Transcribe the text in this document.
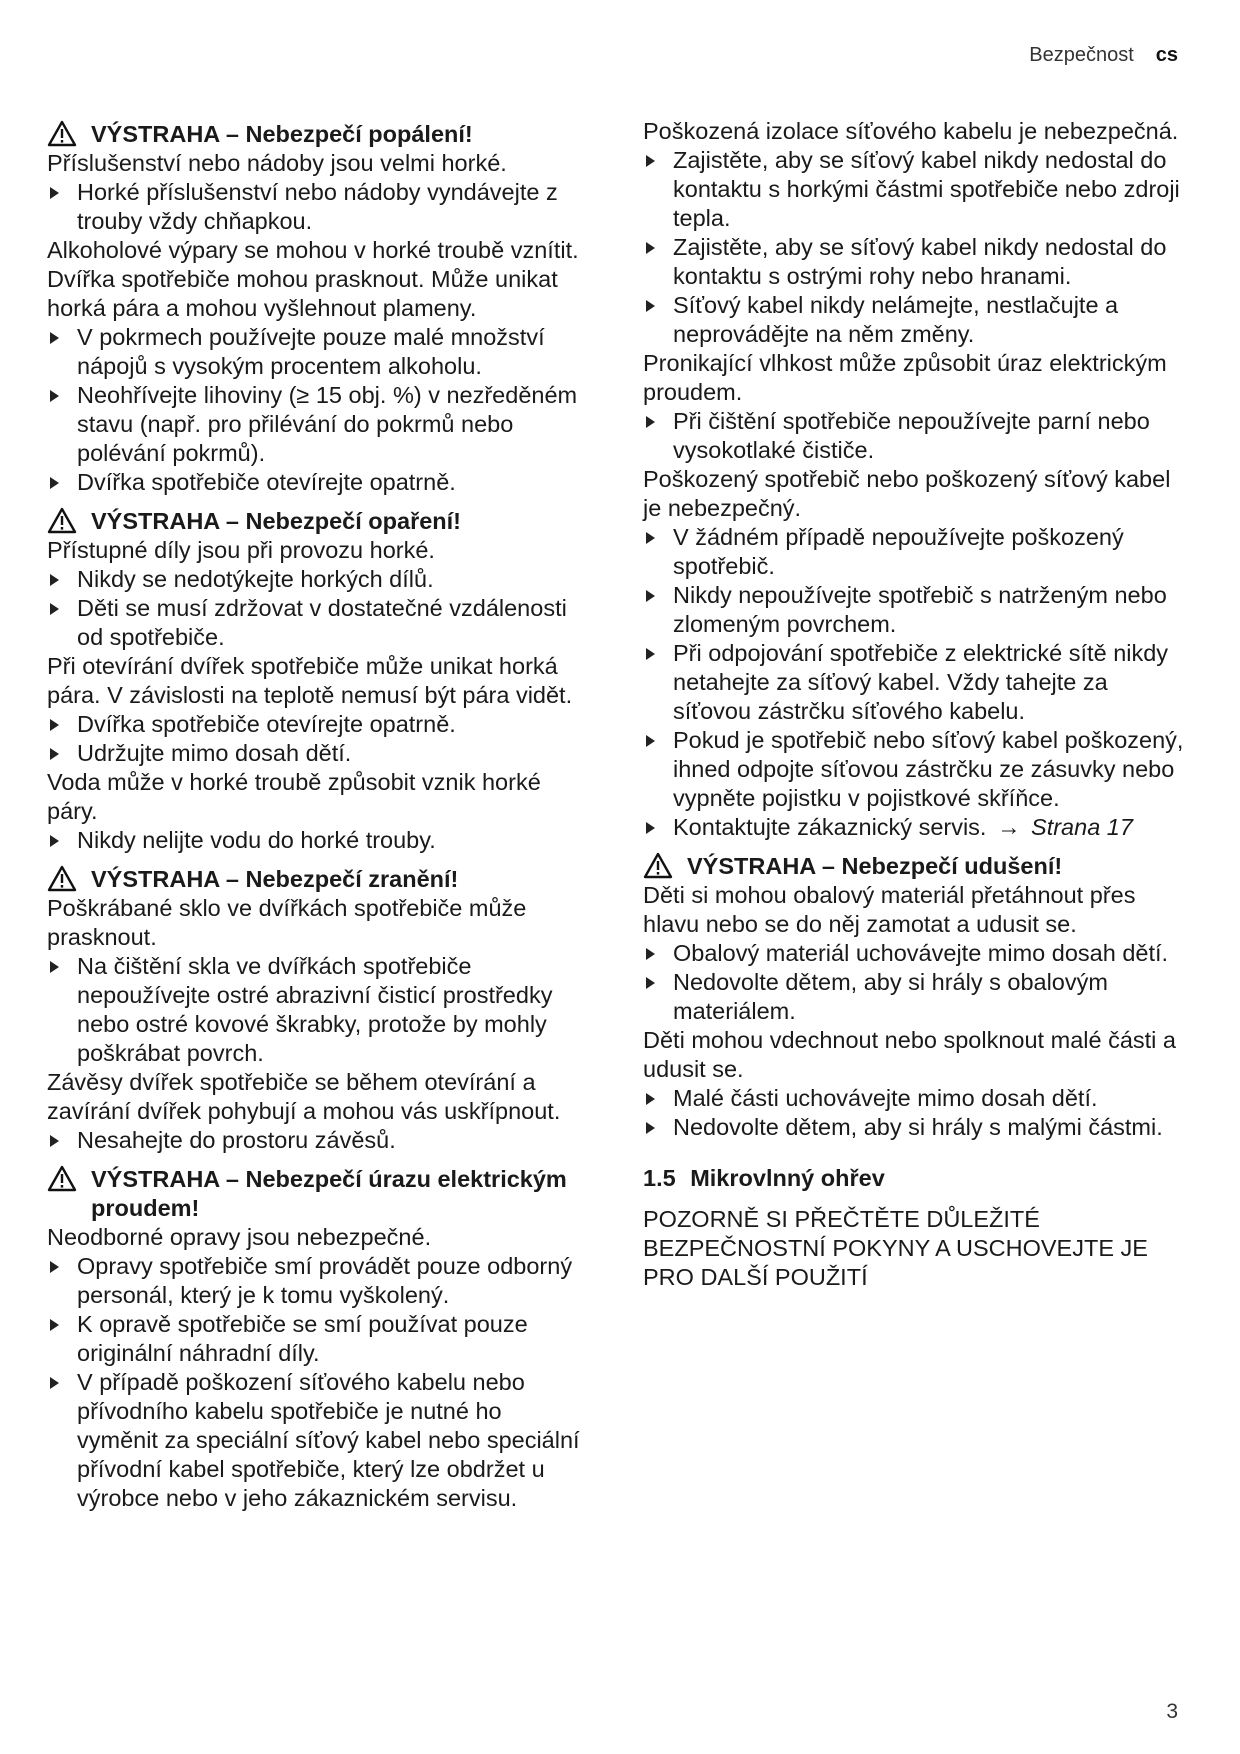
Bezpečnost cs

VÝSTRAHA – Nebezpečí popálení!

Příslušenství nebo nádoby jsou velmi horké.

Horké příslušenství nebo nádoby vyndávejte z trouby vždy chňapkou.

Alkoholové výpary se mohou v horké troubě vznítit. Dvířka spotřebiče mohou prasknout. Může unikat horká pára a mohou vyšlehnout plameny.

V pokrmech používejte pouze malé množství nápojů s vysokým procentem alkoholu.

Neohřívejte lihoviny (≥ 15 obj. %) v nezředěném stavu (např. pro přilévání do pokrmů nebo polévání pokrmů).

Dvířka spotřebiče otevírejte opatrně.

VÝSTRAHA – Nebezpečí opaření!

Přístupné díly jsou při provozu horké.

Nikdy se nedotýkejte horkých dílů.

Děti se musí zdržovat v dostatečné vzdálenosti od spotřebiče.

Při otevírání dvířek spotřebiče může unikat horká pára. V závislosti na teplotě nemusí být pára vidět.

Dvířka spotřebiče otevírejte opatrně.

Udržujte mimo dosah dětí.

Voda může v horké troubě způsobit vznik horké páry.

Nikdy nelijte vodu do horké trouby.

VÝSTRAHA – Nebezpečí zranění!

Poškrábané sklo ve dvířkách spotřebiče může prasknout.

Na čištění skla ve dvířkách spotřebiče nepoužívejte ostré abrazivní čisticí prostředky nebo ostré kovové škrabky, protože by mohly poškrábat povrch.

Závěsy dvířek spotřebiče se během otevírání a zavírání dvířek pohybují a mohou vás uskřípnout.

Nesahejte do prostoru závěsů.

VÝSTRAHA – Nebezpečí úrazu elektrickým proudem!

Neodborné opravy jsou nebezpečné.

Opravy spotřebiče smí provádět pouze odborný personál, který je k tomu vyškolený.

K opravě spotřebiče se smí používat pouze originální náhradní díly.

V případě poškození síťového kabelu nebo přívodního kabelu spotřebiče je nutné ho vyměnit za speciální síťový kabel nebo speciální přívodní kabel spotřebiče, který lze obdržet u výrobce nebo v jeho zákaznickém servisu.

Poškozená izolace síťového kabelu je nebezpečná.

Zajistěte, aby se síťový kabel nikdy nedostal do kontaktu s horkými částmi spotřebiče nebo zdroji tepla.

Zajistěte, aby se síťový kabel nikdy nedostal do kontaktu s ostrými rohy nebo hranami.

Síťový kabel nikdy nelámejte, nestlačujte a neprovádějte na něm změny.

Pronikající vlhkost může způsobit úraz elektrickým proudem.

Při čištění spotřebiče nepoužívejte parní nebo vysokotlaké čističe.

Poškozený spotřebič nebo poškozený síťový kabel je nebezpečný.

V žádném případě nepoužívejte poškozený spotřebič.

Nikdy nepoužívejte spotřebič s natrženým nebo zlomeným povrchem.

Při odpojování spotřebiče z elektrické sítě nikdy netahejte za síťový kabel. Vždy tahejte za síťovou zástrčku síťového kabelu.

Pokud je spotřebič nebo síťový kabel poškozený, ihned odpojte síťovou zástrčku ze zásuvky nebo vypněte pojistku v pojistkové skříňce.

Kontaktujte zákaznický servis. → Strana 17

VÝSTRAHA – Nebezpečí udušení!

Děti si mohou obalový materiál přetáhnout přes hlavu nebo se do něj zamotat a udusit se.

Obalový materiál uchovávejte mimo dosah dětí.

Nedovolte dětem, aby si hrály s obalovým materiálem.

Děti mohou vdechnout nebo spolknout malé části a udusit se.

Malé části uchovávejte mimo dosah dětí.

Nedovolte dětem, aby si hrály s malými částmi.

1.5 Mikrovlnný ohřev

POZORNĚ SI PŘEČTĚTE DŮLEŽITÉ BEZPEČNOSTNÍ POKYNY A USCHOVEJTE JE PRO DALŠÍ POUŽITÍ

3
